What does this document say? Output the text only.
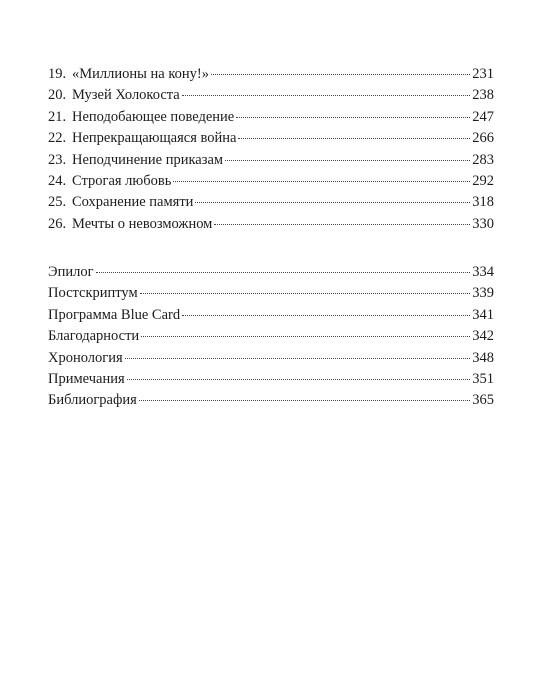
19. «Миллионы на кону!»	231
20. Музей Холокоста	238
21. Неподобающее поведение	247
22. Непрекращающаяся война	266
23. Неподчинение приказам	283
24. Строгая любовь	292
25. Сохранение памяти	318
26. Мечты о невозможном	330
Эпилог	334
Постскриптум	339
Программа Blue Card	341
Благодарности	342
Хронология	348
Примечания	351
Библиография	365
